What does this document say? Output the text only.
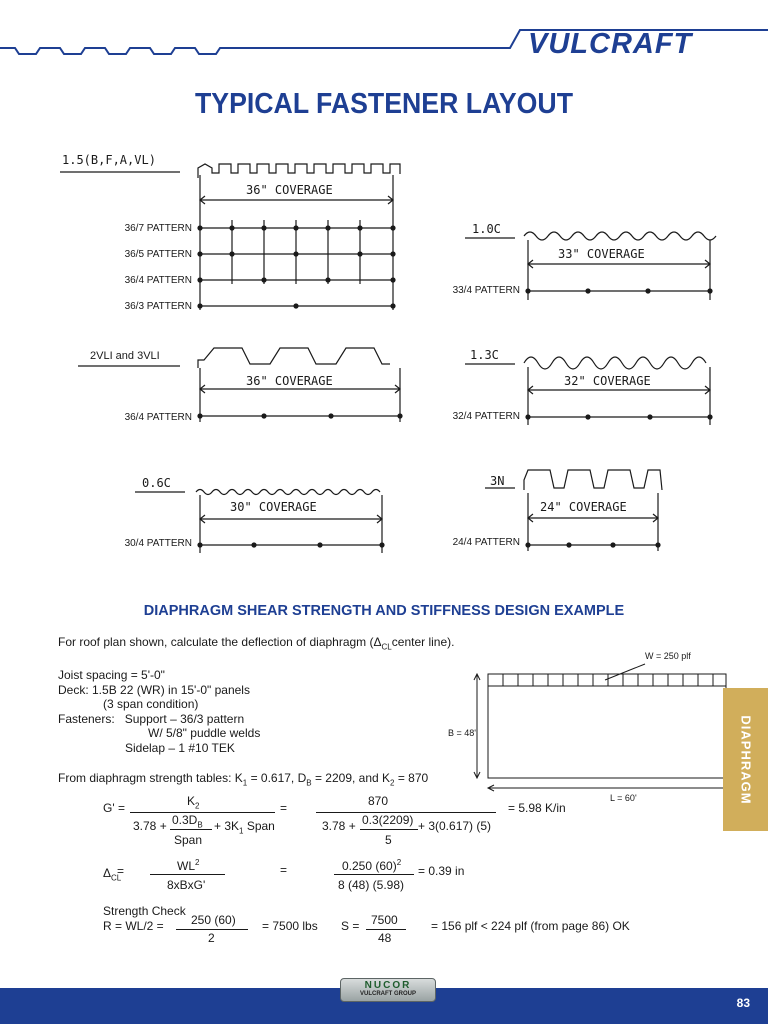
VULCRAFT
TYPICAL FASTENER LAYOUT
1.5(B,F,A,VL)
36" COVERAGE
36/7 PATTERN
36/5 PATTERN
36/4 PATTERN
36/3 PATTERN
1.0C
33" COVERAGE
33/4 PATTERN
2VLI and 3VLI
36" COVERAGE
36/4 PATTERN
1.3C
32" COVERAGE
32/4 PATTERN
0.6C
30" COVERAGE
30/4 PATTERN
3N
24" COVERAGE
24/4 PATTERN
DIAPHRAGM SHEAR STRENGTH AND STIFFNESS DESIGN EXAMPLE
For roof plan shown, calculate the deflection of diaphragm ($\Delta_{CL}center$ line).
Joist spacing = 5'-0"
Deck: 1.5B 22 (WR) in 15'-0" panels
(3 span condition)
Fasteners: Support – 36/3 pattern
W/ 5/8" puddle welds
Sidelap – 1 #10 TEK
From diaphragm strength tables: $K_1 = 0.617$, $D_B = 2209$, and $K_2 = 870$
G' =	$K_2$
$3.78 + 0.3D_B$
Span
+ $3K_1$ Span
=	870
3.78 + 0.3(2209)
5
+ 3(0.617) (5)
= 5.98 K/in
$\Delta_{CL}$
=	$WL^2$
8xBxG'
=	0.250 $(60)^2$
8 (48) (5.98)
= 0.39 in
Strength Check
R = WL/2 = 250 (60)
2
= 7500 lbs S = 7500
48
= 156 plf < 224 plf (from page 86) OK
W = 250 plf
B = 48'
L = 60'	DIAPHRAGM
NUCOR
VULCRAFT GROUP
83
